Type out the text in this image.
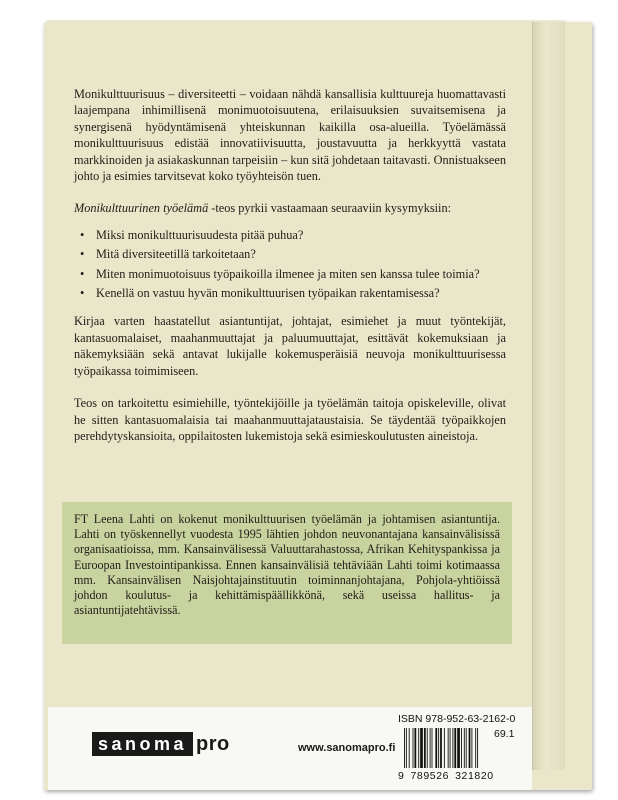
Monikulttuurisuus – diversiteetti – voidaan nähdä kansallisia kulttuureja huomattavasti laajempana inhimillisenä monimuotoisuutena, erilaisuuksien suvaitsemisena ja synergisenä hyödyntämisenä yhteiskunnan kaikilla osa-alueilla. Työelämässä monikulttuurisuus edistää innovatiivisuutta, joustavuutta ja herkkyyttä vastata markkinoiden ja asiakaskunnan tarpeisiin – kun sitä johdetaan taitavasti. Onnistuakseen johto ja esimies tarvitsevat koko työyhteisön tuen.

Monikulttuurinen työelämä -teos pyrkii vastaamaan seuraaviin kysymyksiin:

• Miksi monikulttuurisuudesta pitää puhua?
• Mitä diversiteetillä tarkoitetaan?
• Miten monimuotoisuus työpaikoilla ilmenee ja miten sen kanssa tulee toimia?
• Kenellä on vastuu hyvän monikulttuurisen työpaikan rakentamisessa?

Kirjaa varten haastatellut asiantuntijat, johtajat, esimiehet ja muut työntekijät, kantasuomalaiset, maahanmuuttajat ja paluumuuttajat, esittävät kokemuksiaan ja näkemyksiään sekä antavat lukijalle kokemusperäisiä neuvoja monikulttuurisessa työpaikassa toimimiseen.

Teos on tarkoitettu esimiehille, työntekijöille ja työelämän taitoja opiskeleville, olivat he sitten kantasuomalaisia tai maahanmuuttajataustaisia. Se täydentää työpaikkojen perehdytyskansioita, oppilaitosten lukemistoja sekä esimieskoulutusten aineistoja.

FT Leena Lahti on kokenut monikulttuurisen työelämän ja johtamisen asiantuntija. Lahti on työskennellyt vuodesta 1995 lähtien johdon neuvonantajana kansainvälisissä organisaatioissa, mm. Kansainvälisessä Valuuttarahastossa, Afrikan Kehityspankissa ja Euroopan Investointipankissa. Ennen kansainvälisiä tehtäviään Lahti toimi kotimaassa mm. Kansainvälisen Naisjohtajainstituutin toiminnanjohtajana, Pohjola-yhtiöissä johdon koulutus- ja kehittämispäällikkönä, sekä useissa hallitus- ja asiantuntijatehtävissä.
sanoma pro	www.sanomapro.fi
ISBN 978-952-63-2162-0
69.1
9 789526 321820
